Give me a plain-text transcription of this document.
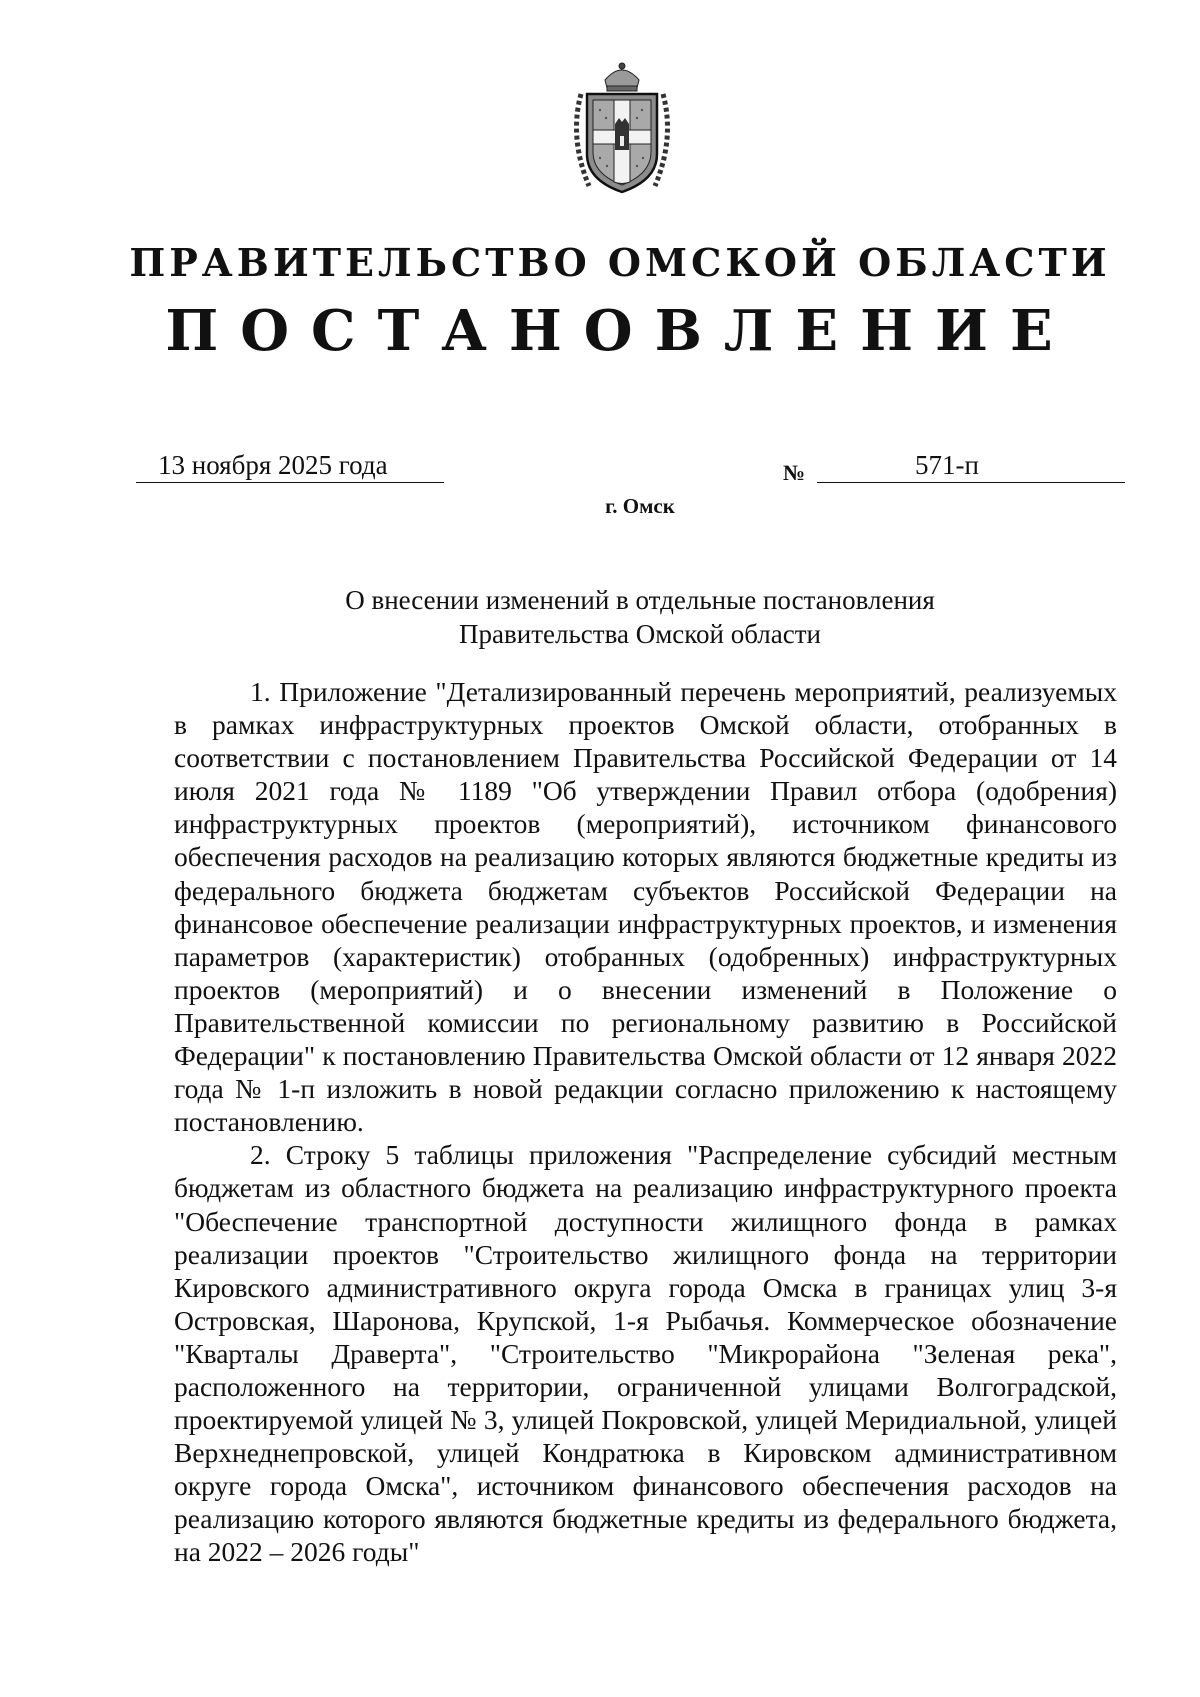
ПРАВИТЕЛЬСТВО ОМСКОЙ ОБЛАСТИ
ПОСТАНОВЛЕНИЕ
13 ноября 2025 года	№	571-п
г. Омск
О внесении изменений в отдельные постановления
Правительства Омской области

1. Приложение "Детализированный перечень мероприятий, реализуемых в рамках инфраструктурных проектов Омской области, отобранных в соответствии с постановлением Правительства Российской Федерации от 14 июля 2021 года № 1189 "Об утверждении Правил отбора (одобрения) инфраструктурных проектов (мероприятий), источником финансового обеспечения расходов на реализацию которых являются бюджетные кредиты из федерального бюджета бюджетам субъектов Российской Федерации на финансовое обеспечение реализации инфраструктурных проектов, и изменения параметров (характеристик) отобранных (одобренных) инфраструктурных проектов (мероприятий) и о внесении изменений в Положение о Правительственной комиссии по региональному развитию в Российской Федерации" к постановлению Правительства Омской области от 12 января 2022 года № 1-п изложить в новой редакции согласно приложению к настоящему постановлению.

2. Строку 5 таблицы приложения "Распределение субсидий местным бюджетам из областного бюджета на реализацию инфраструктурного проекта "Обеспечение транспортной доступности жилищного фонда в рамках реализации проектов "Строительство жилищного фонда на территории Кировского административного округа города Омска в границах улиц 3-я Островская, Шаронова, Крупской, 1-я Рыбачья. Коммерческое обозначение "Кварталы Драверта", "Строительство "Микрорайона "Зеленая река", расположенного на территории, ограниченной улицами Волгоградской, проектируемой улицей № 3, улицей Покровской, улицей Меридиальной, улицей Верхнеднепровской, улицей Кондратюка в Кировском административном округе города Омска", источником финансового обеспечения расходов на реализацию которого являются бюджетные кредиты из федерального бюджета, на 2022 – 2026 годы"
